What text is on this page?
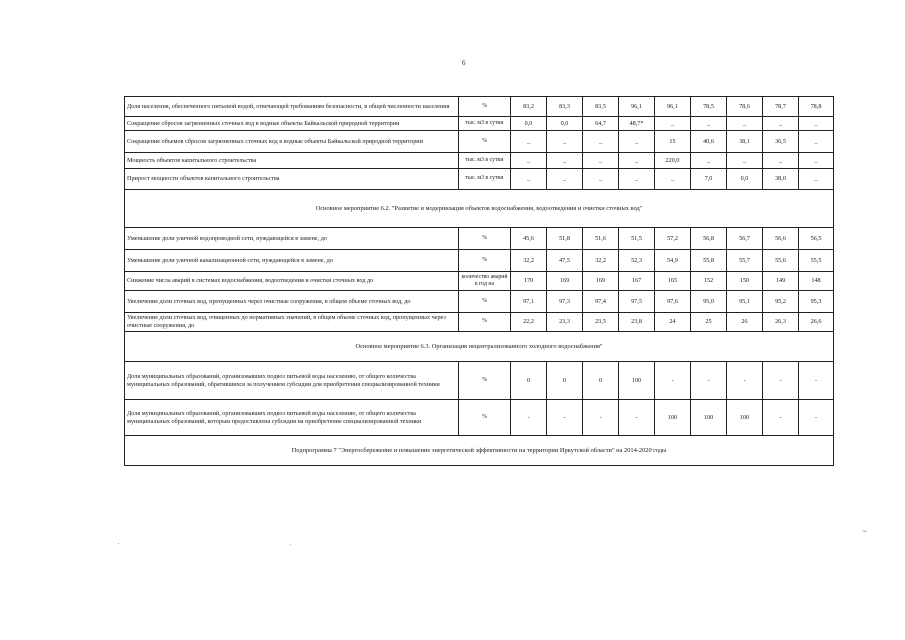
6
Доля населения, обеспеченного питьевой водой, отвечающей требованиям безопасности, в общей численности населения	%	83,2	83,3	83,5	96,1	96,1	78,5	78,6	78,7	78,8
Сокращение сбросов загрязненных сточных вод в водные объекты Байкальской природной территории	тыс. м3 в сутки	0,0	0,0	64,7	48,7*	_	_	_	_	_
Сокращение объемов сбросов загрязненных сточных вод в водные объекты Байкальской природной территории	%	_	_	_	_	15	40,6	38,1	36,5	_
Мощность объектов капитального строительства	тыс. м3 в сутки	_	_	_	_	220,0	_	_	_	_
Прирост мощности объектов капитального строительства	тыс. м3 в сутки	_	_	_	_	_	7,0	0,0	38,0	_
Основное мероприятие 6.2. "Развитие и модернизация объектов водоснабжения, водоотведения и очистки сточных вод"										
Уменьшение доли уличной водопроводной сети, нуждающейся в замене, до	%	45,6	51,8	51,6	51,5	57,2	56,8	56,7	56,6	56,5
Уменьшение доли уличной канализационной сети, нуждающейся в замене, до	%	32,2	47,5	32,2	52,3	54,9	55,8	55,7	55,6	55,5
Снижение числа аварий в системах водоснабжения, водоотведения и очистки сточных вод до	количество аварий в год на	170	169	169	167	165	152	150	149	148
Увеличение доли сточных вод, пропущенных через очистные сооружения, в общем объеме сточных вод, до	%	97,1	97,3	97,4	97,5	97,6	95,0	95,1	95,2	95,3
Увеличение доли сточных вод, очищенных до нормативных значений, в общем объеме сточных вод, пропущенных через очистные сооружения, до	%	22,2	23,3	23,5	23,8	24	25	26	26,3	26,6
Основное мероприятие 6.3. Организация нецентрализованного холодного водоснабжения"										
Доля муниципальных образований, организовавших подвоз питьевой воды населению, от общего количества муниципальных образований, обратившихся за получением субсидии для приобретения специализированной техники	%	0	0	0	100	-	-	-	-	-
Доля муниципальных образований, организовавших подвоз питьевой воды населению, от общего количества муниципальных образований, которым предоставлена субсидия на приобретение специализированной техники	%	-	-	-	-	100	100	100	-	-
Подпрограмма 7 "Энергосбережение и повышение энергетической эффективности на территории Иркутской области" на 2014-2020 годы										
'	.
∼
